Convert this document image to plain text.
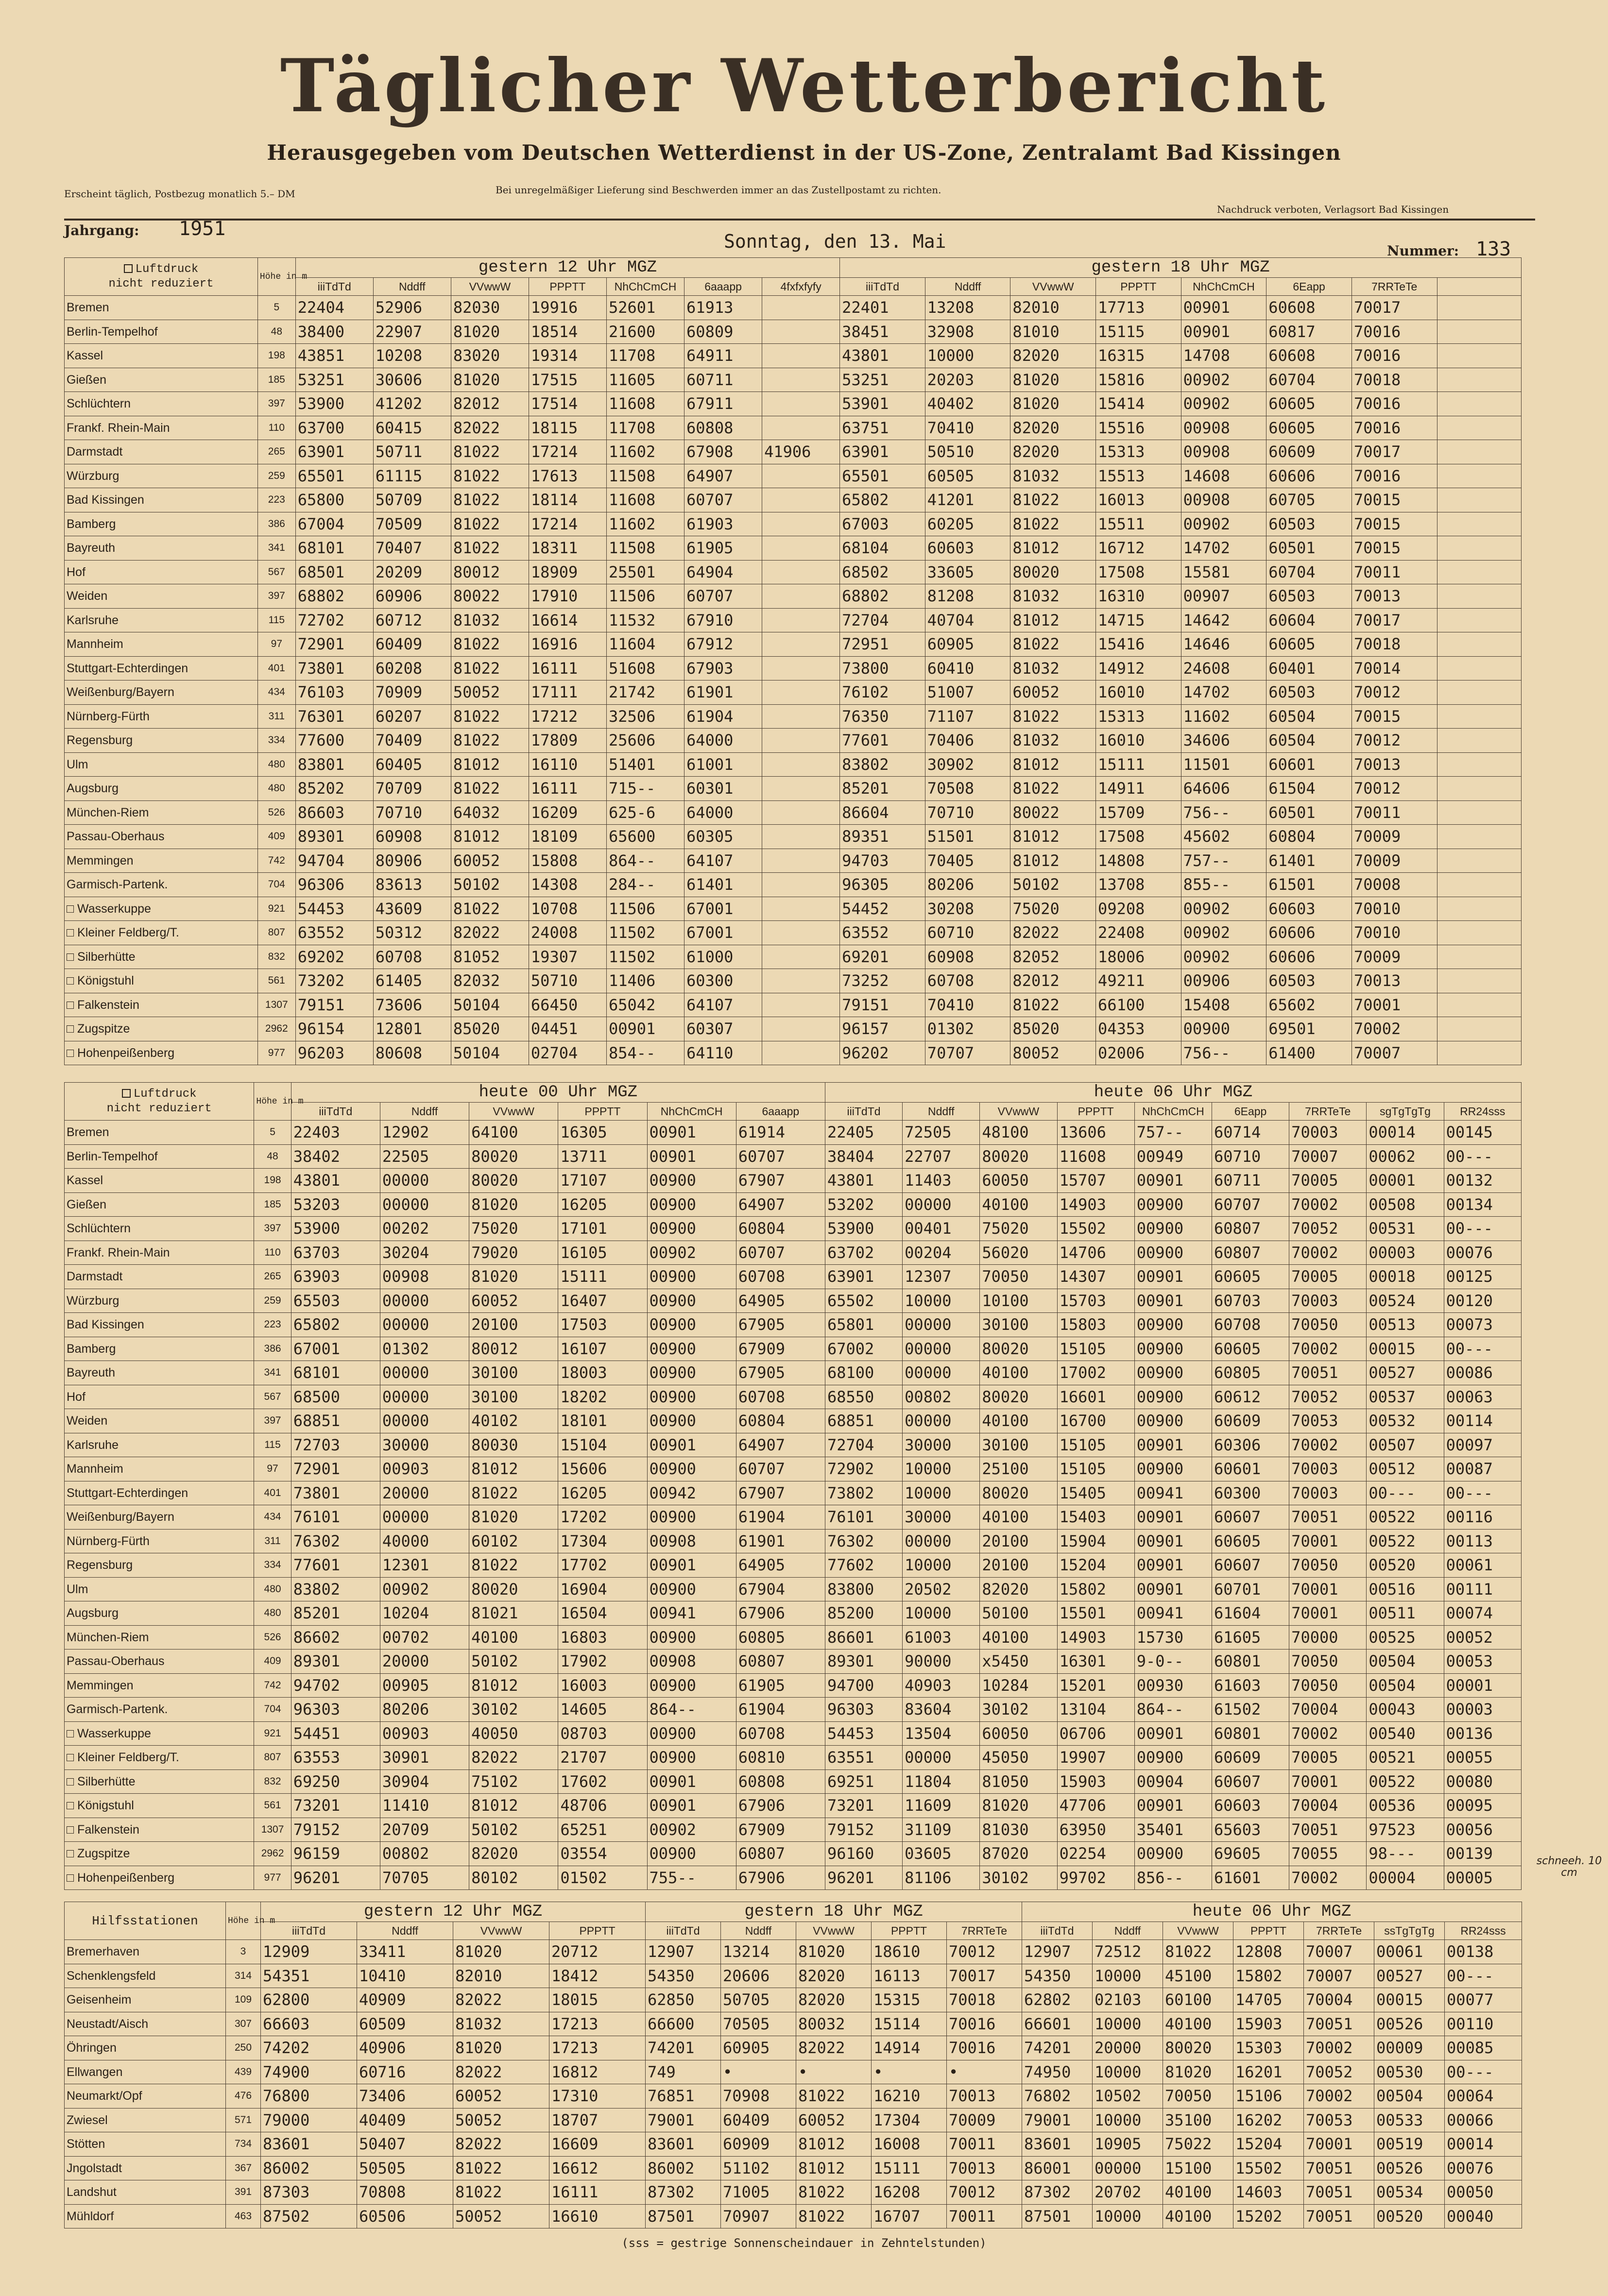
Täglicher Wetterbericht
Herausgegeben vom Deutschen Wetterdienst in der US-Zone, Zentralamt Bad Kissingen
Erscheint täglich, Postbezug monatlich 5.– DM	Bei unregelmäßiger Lieferung sind Beschwerden immer an das Zustellpostamt zu richten.
Nachdruck verboten, Verlagsort Bad Kissingen
Jahrgang: 1951
Sonntag, den 13. Mai	Nummer: 133
Luftdruck
nicht reduziert	Höhe in m	gestern 12 Uhr MGZ							gestern 18 Uhr MGZ							
		iiiTdTd	Nddff	VVwwW	PPPTT	NhChCmCH	6aaapp	4fxfxfyfy	iiiTdTd	Nddff	VVwwW	PPPTT	NhChCmCH	6Eapp	7RRTeTe	
Bremen	5	22404	52906	82030	19916	52601	61913		22401	13208	82010	17713	00901	60608	70017	
Berlin-Tempelhof	48	38400	22907	81020	18514	21600	60809		38451	32908	81010	15115	00901	60817	70016	
Kassel	198	43851	10208	83020	19314	11708	64911		43801	10000	82020	16315	14708	60608	70016	
Gießen	185	53251	30606	81020	17515	11605	60711		53251	20203	81020	15816	00902	60704	70018	
Schlüchtern	397	53900	41202	82012	17514	11608	67911		53901	40402	81020	15414	00902	60605	70016	
Frankf. Rhein-Main	110	63700	60415	82022	18115	11708	60808		63751	70410	82020	15516	00908	60605	70016	
Darmstadt	265	63901	50711	81022	17214	11602	67908	41906	63901	50510	82020	15313	00908	60609	70017	
Würzburg	259	65501	61115	81022	17613	11508	64907		65501	60505	81032	15513	14608	60606	70016	
Bad Kissingen	223	65800	50709	81022	18114	11608	60707		65802	41201	81022	16013	00908	60705	70015	
Bamberg	386	67004	70509	81022	17214	11602	61903		67003	60205	81022	15511	00902	60503	70015	
Bayreuth	341	68101	70407	81022	18311	11508	61905		68104	60603	81012	16712	14702	60501	70015	
Hof	567	68501	20209	80012	18909	25501	64904		68502	33605	80020	17508	15581	60704	70011	
Weiden	397	68802	60906	80022	17910	11506	60707		68802	81208	81032	16310	00907	60503	70013	
Karlsruhe	115	72702	60712	81032	16614	11532	67910		72704	40704	81012	14715	14642	60604	70017	
Mannheim	97	72901	60409	81022	16916	11604	67912		72951	60905	81022	15416	14646	60605	70018	
Stuttgart-Echterdingen	401	73801	60208	81022	16111	51608	67903		73800	60410	81032	14912	24608	60401	70014	
Weißenburg/Bayern	434	76103	70909	50052	17111	21742	61901		76102	51007	60052	16010	14702	60503	70012	
Nürnberg-Fürth	311	76301	60207	81022	17212	32506	61904		76350	71107	81022	15313	11602	60504	70015	
Regensburg	334	77600	70409	81022	17809	25606	64000		77601	70406	81032	16010	34606	60504	70012	
Ulm	480	83801	60405	81012	16110	51401	61001		83802	30902	81012	15111	11501	60601	70013	
Augsburg	480	85202	70709	81022	16111	715--	60301		85201	70508	81022	14911	64606	61504	70012	
München-Riem	526	86603	70710	64032	16209	625-6	64000		86604	70710	80022	15709	756--	60501	70011	
Passau-Oberhaus	409	89301	60908	81012	18109	65600	60305		89351	51501	81012	17508	45602	60804	70009	
Memmingen	742	94704	80906	60052	15808	864--	64107		94703	70405	81012	14808	757--	61401	70009	
Garmisch-Partenk.	704	96306	83613	50102	14308	284--	61401		96305	80206	50102	13708	855--	61501	70008	
□ Wasserkuppe	921	54453	43609	81022	10708	11506	67001		54452	30208	75020	09208	00902	60603	70010	
□ Kleiner Feldberg/T.	807	63552	50312	82022	24008	11502	67001		63552	60710	82022	22408	00902	60606	70010	
□ Silberhütte	832	69202	60708	81052	19307	11502	61000		69201	60908	82052	18006	00902	60606	70009	
□ Königstuhl	561	73202	61405	82032	50710	11406	60300		73252	60708	82012	49211	00906	60503	70013	
□ Falkenstein	1307	79151	73606	50104	66450	65042	64107		79151	70410	81022	66100	15408	65602	70001	
□ Zugspitze	2962	96154	12801	85020	04451	00901	60307		96157	01302	85020	04353	00900	69501	70002	
□ Hohenpeißenberg	977	96203	80608	50104	02704	854--	64110		96202	70707	80052	02006	756--	61400	70007	
Luftdruck
nicht reduziert	Höhe in m	heute 00 Uhr MGZ						heute 06 Uhr MGZ								
		iiiTdTd	Nddff	VVwwW	PPPTT	NhChCmCH	6aaapp	iiiTdTd	Nddff	VVwwW	PPPTT	NhChCmCH	6Eapp	7RRTeTe	sgTgTgTg	RR24sss
Bremen	5	22403	12902	64100	16305	00901	61914	22405	72505	48100	13606	757--	60714	70003	00014	00145
Berlin-Tempelhof	48	38402	22505	80020	13711	00901	60707	38404	22707	80020	11608	00949	60710	70007	00062	00---
Kassel	198	43801	00000	80020	17107	00900	67907	43801	11403	60050	15707	00901	60711	70005	00001	00132
Gießen	185	53203	00000	81020	16205	00900	64907	53202	00000	40100	14903	00900	60707	70002	00508	00134
Schlüchtern	397	53900	00202	75020	17101	00900	60804	53900	00401	75020	15502	00900	60807	70052	00531	00---
Frankf. Rhein-Main	110	63703	30204	79020	16105	00902	60707	63702	00204	56020	14706	00900	60807	70002	00003	00076
Darmstadt	265	63903	00908	81020	15111	00900	60708	63901	12307	70050	14307	00901	60605	70005	00018	00125
Würzburg	259	65503	00000	60052	16407	00900	64905	65502	10000	10100	15703	00901	60703	70003	00524	00120
Bad Kissingen	223	65802	00000	20100	17503	00900	67905	65801	00000	30100	15803	00900	60708	70050	00513	00073
Bamberg	386	67001	01302	80012	16107	00900	67909	67002	00000	80020	15105	00900	60605	70002	00015	00---
Bayreuth	341	68101	00000	30100	18003	00900	67905	68100	00000	40100	17002	00900	60805	70051	00527	00086
Hof	567	68500	00000	30100	18202	00900	60708	68550	00802	80020	16601	00900	60612	70052	00537	00063
Weiden	397	68851	00000	40102	18101	00900	60804	68851	00000	40100	16700	00900	60609	70053	00532	00114
Karlsruhe	115	72703	30000	80030	15104	00901	64907	72704	30000	30100	15105	00901	60306	70002	00507	00097
Mannheim	97	72901	00903	81012	15606	00900	60707	72902	10000	25100	15105	00900	60601	70003	00512	00087
Stuttgart-Echterdingen	401	73801	20000	81022	16205	00942	67907	73802	10000	80020	15405	00941	60300	70003	00---	00---
Weißenburg/Bayern	434	76101	00000	81020	17202	00900	61904	76101	30000	40100	15403	00901	60607	70051	00522	00116
Nürnberg-Fürth	311	76302	40000	60102	17304	00908	61901	76302	00000	20100	15904	00901	60605	70001	00522	00113
Regensburg	334	77601	12301	81022	17702	00901	64905	77602	10000	20100	15204	00901	60607	70050	00520	00061
Ulm	480	83802	00902	80020	16904	00900	67904	83800	20502	82020	15802	00901	60701	70001	00516	00111
Augsburg	480	85201	10204	81021	16504	00941	67906	85200	10000	50100	15501	00941	61604	70001	00511	00074
München-Riem	526	86602	00702	40100	16803	00900	60805	86601	61003	40100	14903	15730	61605	70000	00525	00052
Passau-Oberhaus	409	89301	20000	50102	17902	00908	60807	89301	90000	x5450	16301	9-0--	60801	70050	00504	00053
Memmingen	742	94702	00905	81012	16003	00900	61905	94700	40903	10284	15201	00930	61603	70050	00504	00001
Garmisch-Partenk.	704	96303	80206	30102	14605	864--	61904	96303	83604	30102	13104	864--	61502	70004	00043	00003
□ Wasserkuppe	921	54451	00903	40050	08703	00900	60708	54453	13504	60050	06706	00901	60801	70002	00540	00136
□ Kleiner Feldberg/T.	807	63553	30901	82022	21707	00900	60810	63551	00000	45050	19907	00900	60609	70005	00521	00055
□ Silberhütte	832	69250	30904	75102	17602	00901	60808	69251	11804	81050	15903	00904	60607	70001	00522	00080
□ Königstuhl	561	73201	11410	81012	48706	00901	67906	73201	11609	81020	47706	00901	60603	70004	00536	00095
□ Falkenstein	1307	79152	20709	50102	65251	00902	67909	79152	31109	81030	63950	35401	65603	70051	97523	00056
□ Zugspitze	2962	96159	00802	82020	03554	00900	60807	96160	03605	87020	02254	00900	69605	70055	98---	00139
□ Hohenpeißenberg	977	96201	70705	80102	01502	755--	67906	96201	81106	30102	99702	856--	61601	70002	00004	00005
Hilfsstationen	Höhe in m	gestern 12 Uhr MGZ				gestern 18 Uhr MGZ					heute 06 Uhr MGZ						
		iiiTdTd	Nddff	VVwwW	PPPTT	iiiTdTd	Nddff	VVwwW	PPPTT	7RRTeTe	iiiTdTd	Nddff	VVwwW	PPPTT	7RRTeTe	ssTgTgTg	RR24sss
Bremerhaven	3	12909	33411	81020	20712	12907	13214	81020	18610	70012	12907	72512	81022	12808	70007	00061	00138
Schenklengsfeld	314	54351	10410	82010	18412	54350	20606	82020	16113	70017	54350	10000	45100	15802	70007	00527	00---
Geisenheim	109	62800	40909	82022	18015	62850	50705	82020	15315	70018	62802	02103	60100	14705	70004	00015	00077
Neustadt/Aisch	307	66603	60509	81032	17213	66600	70505	80032	15114	70016	66601	10000	40100	15903	70051	00526	00110
Öhringen	250	74202	40906	81020	17213	74201	60905	82022	14914	70016	74201	20000	80020	15303	70002	00009	00085
Ellwangen	439	74900	60716	82022	16812	749	•	•	•	•	74950	10000	81020	16201	70052	00530	00---
Neumarkt/Opf	476	76800	73406	60052	17310	76851	70908	81022	16210	70013	76802	10502	70050	15106	70002	00504	00064
Zwiesel	571	79000	40409	50052	18707	79001	60409	60052	17304	70009	79001	10000	35100	16202	70053	00533	00066
Stötten	734	83601	50407	82022	16609	83601	60909	81012	16008	70011	83601	10905	75022	15204	70001	00519	00014
Jngolstadt	367	86002	50505	81022	16612	86002	51102	81012	15111	70013	86001	00000	15100	15502	70051	00526	00076
Landshut	391	87303	70808	81022	16111	87302	71005	81022	16208	70012	87302	20702	40100	14603	70051	00534	00050
Mühldorf	463	87502	60506	50052	16610	87501	70907	81022	16707	70011	87501	10000	40100	15202	70051	00520	00040
schneeh. 10 cm
(sss = gestrige Sonnenscheindauer in Zehntelstunden)
